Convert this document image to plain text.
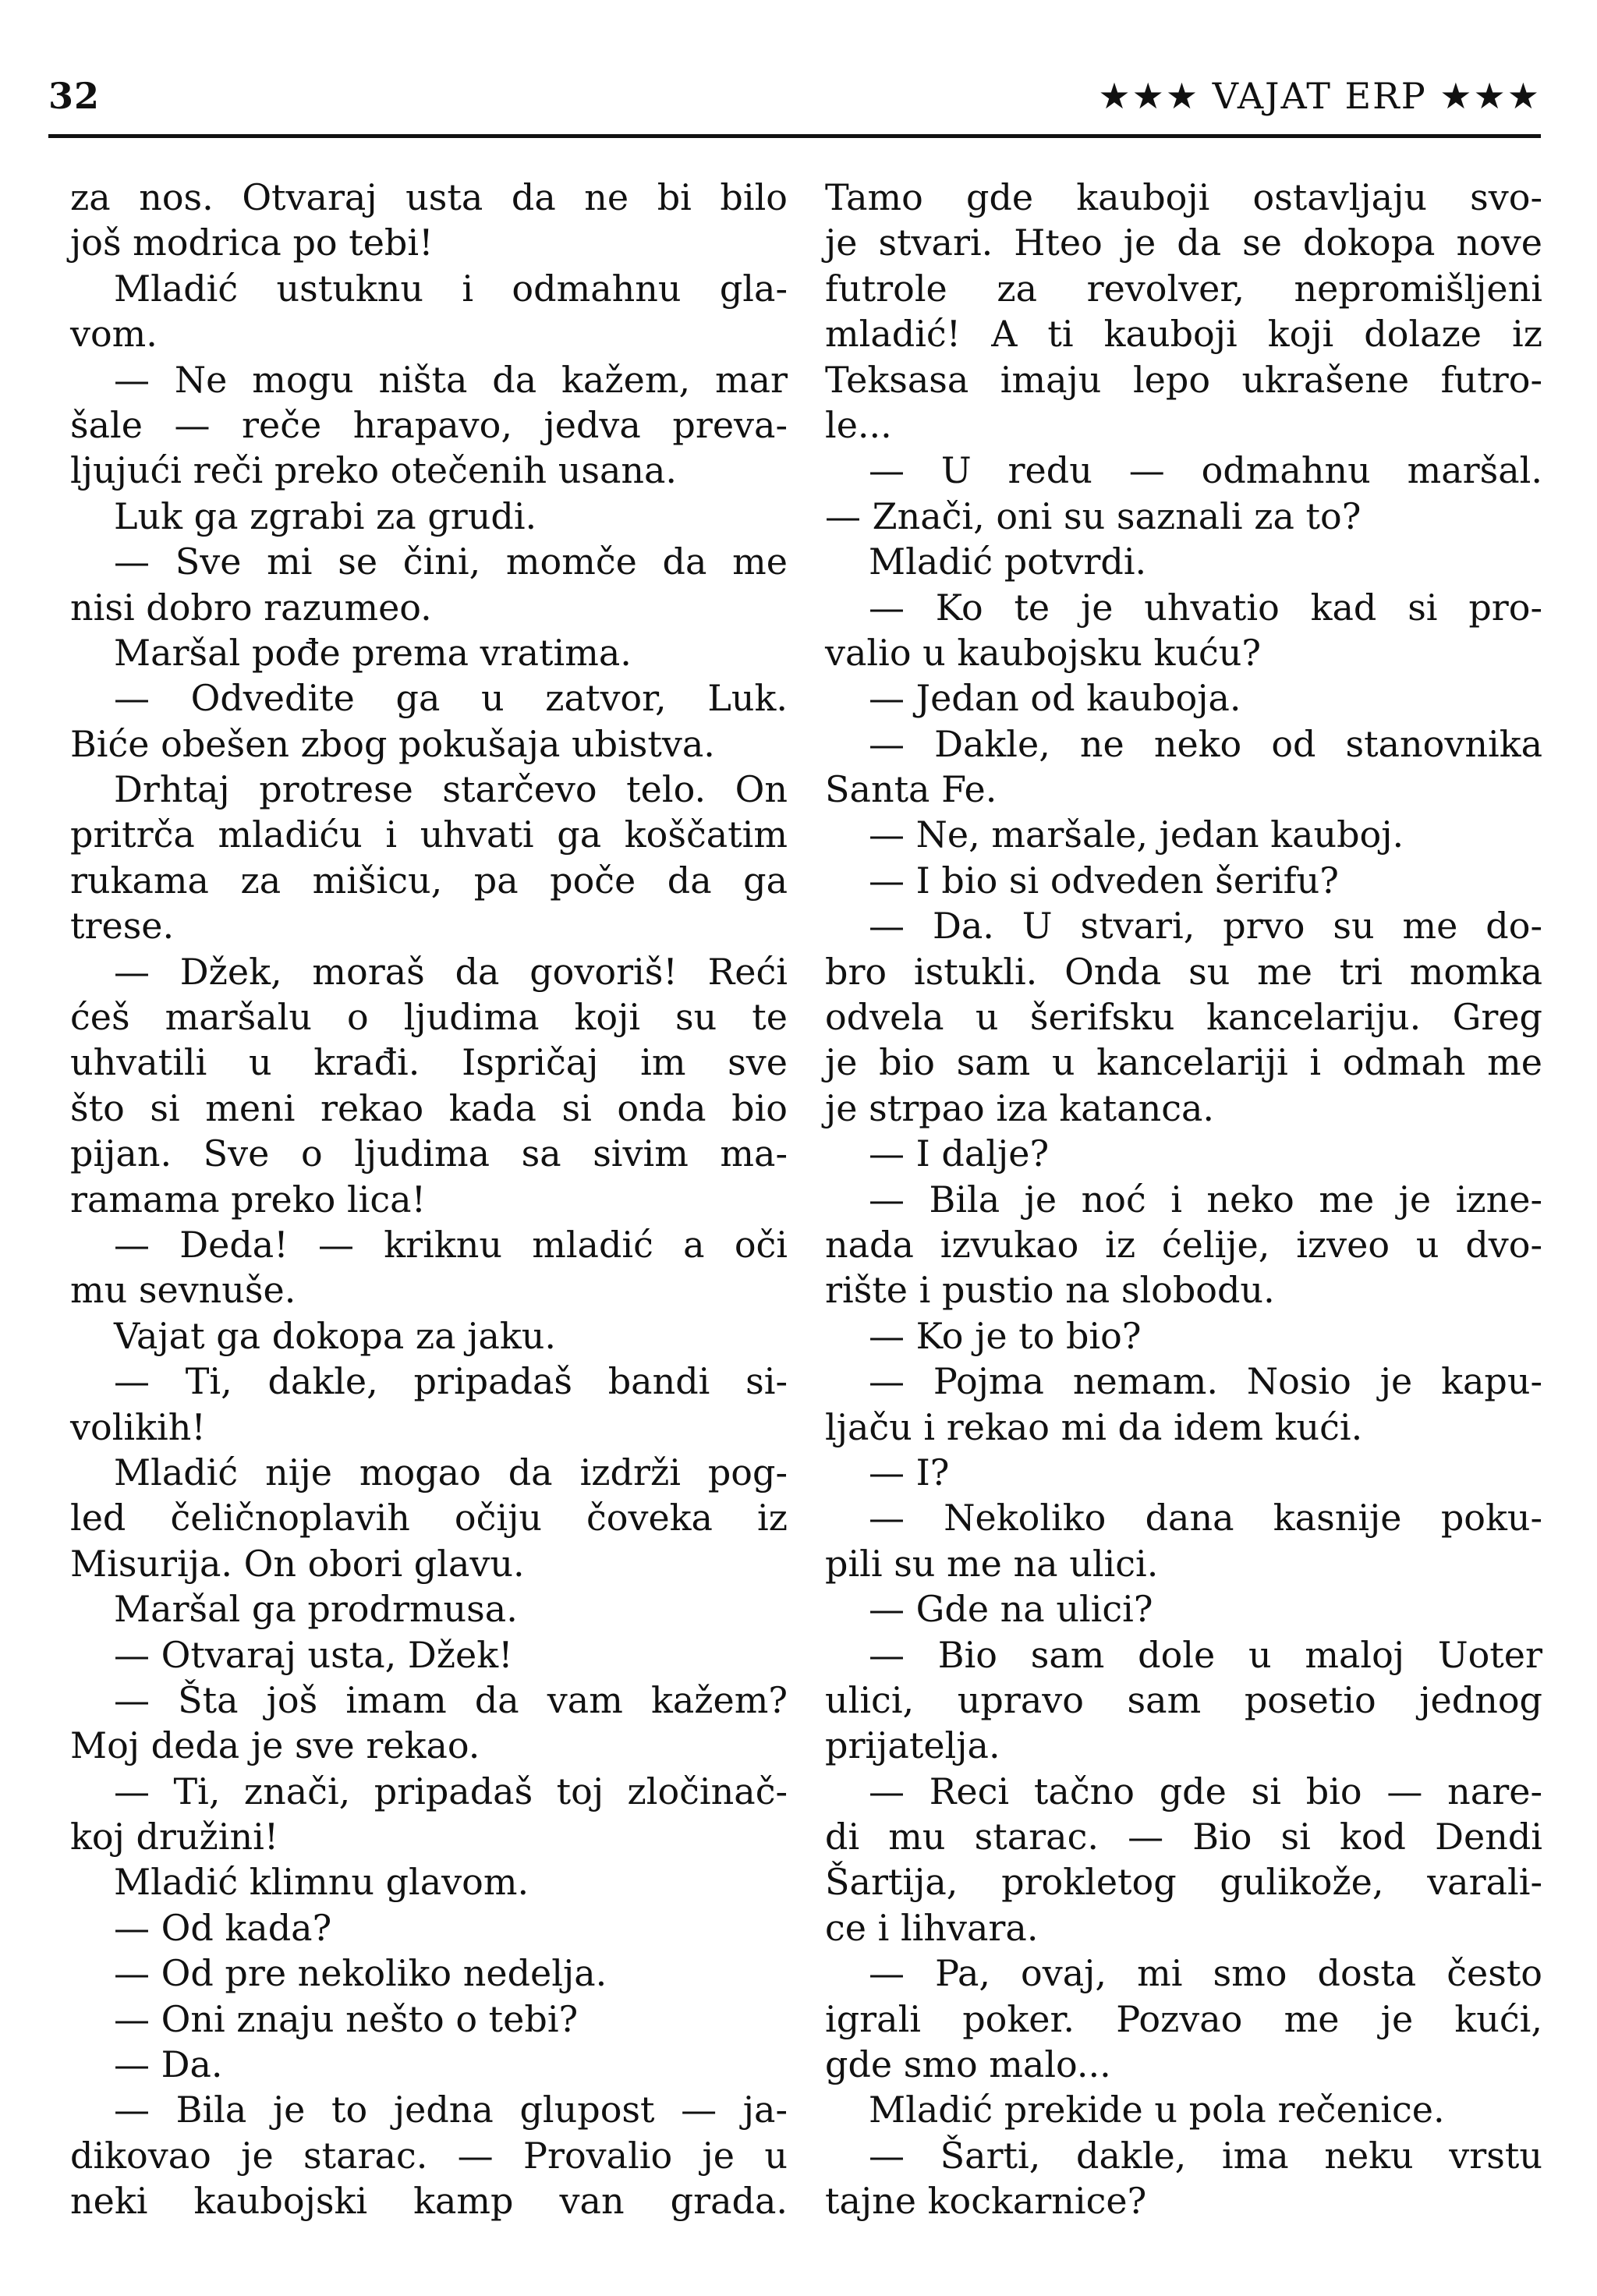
32	★★★ VAJAT ERP ★★★
za nos. Otvaraj usta da ne bi bilo
još modrica po tebi!
Mladić ustuknu i odmahnu gla-
vom.
— Ne mogu ništa da kažem, mar
šale — reče hrapavo, jedva preva-
ljujući reči preko otečenih usana.
Luk ga zgrabi za grudi.
— Sve mi se čini, momče da me
nisi dobro razumeo.
Maršal pođe prema vratima.
— Odvedite ga u zatvor, Luk.
Biće obešen zbog pokušaja ubistva.
Drhtaj protrese starčevo telo. On
pritrča mladiću i uhvati ga koščatim
rukama za mišicu, pa poče da ga
trese.
— Džek, moraš da govoriš! Reći
ćeš maršalu o ljudima koji su te
uhvatili u krađi. Ispričaj im sve
što si meni rekao kada si onda bio
pijan. Sve o ljudima sa sivim ma-
ramama preko lica!
— Deda! — kriknu mladić a oči
mu sevnuše.
Vajat ga dokopa za jaku.
— Ti, dakle, pripadaš bandi si-
volikih!
Mladić nije mogao da izdrži pog-
led čeličnoplavih očiju čoveka iz
Misurija. On obori glavu.
Maršal ga prodrmusa.
— Otvaraj usta, Džek!
— Šta još imam da vam kažem?
Moj deda je sve rekao.
— Ti, znači, pripadaš toj zločinač-
koj družini!
Mladić klimnu glavom.
— Od kada?
— Od pre nekoliko nedelja.
— Oni znaju nešto o tebi?
— Da.
— Bila je to jedna glupost — ja-
dikovao je starac. — Provalio je u
neki kaubojski kamp van grada.
Tamo gde kauboji ostavljaju svo-
je stvari. Hteo je da se dokopa nove
futrole za revolver, nepromišljeni
mladić! A ti kauboji koji dolaze iz
Teksasa imaju lepo ukrašene futro-
le...
— U redu — odmahnu maršal.
— Znači, oni su saznali za to?
Mladić potvrdi.
— Ko te je uhvatio kad si pro-
valio u kaubojsku kuću?
— Jedan od kauboja.
— Dakle, ne neko od stanovnika
Santa Fe.
— Ne, maršale, jedan kauboj.
— I bio si odveden šerifu?
— Da. U stvari, prvo su me do-
bro istukli. Onda su me tri momka
odvela u šerifsku kancelariju. Greg
je bio sam u kancelariji i odmah me
je strpao iza katanca.
— I dalje?
— Bila je noć i neko me je izne-
nada izvukao iz ćelije, izveo u dvo-
rište i pustio na slobodu.
— Ko je to bio?
— Pojma nemam. Nosio je kapu-
ljaču i rekao mi da idem kući.
— I?
— Nekoliko dana kasnije poku-
pili su me na ulici.
— Gde na ulici?
— Bio sam dole u maloj Uoter
ulici, upravo sam posetio jednog
prijatelja.
— Reci tačno gde si bio — nare-
di mu starac. — Bio si kod Dendi
Šartija, prokletog gulikože, varali-
ce i lihvara.
— Pa, ovaj, mi smo dosta često
igrali poker. Pozvao me je kući,
gde smo malo...
Mladić prekide u pola rečenice.
— Šarti, dakle, ima neku vrstu
tajne kockarnice?
